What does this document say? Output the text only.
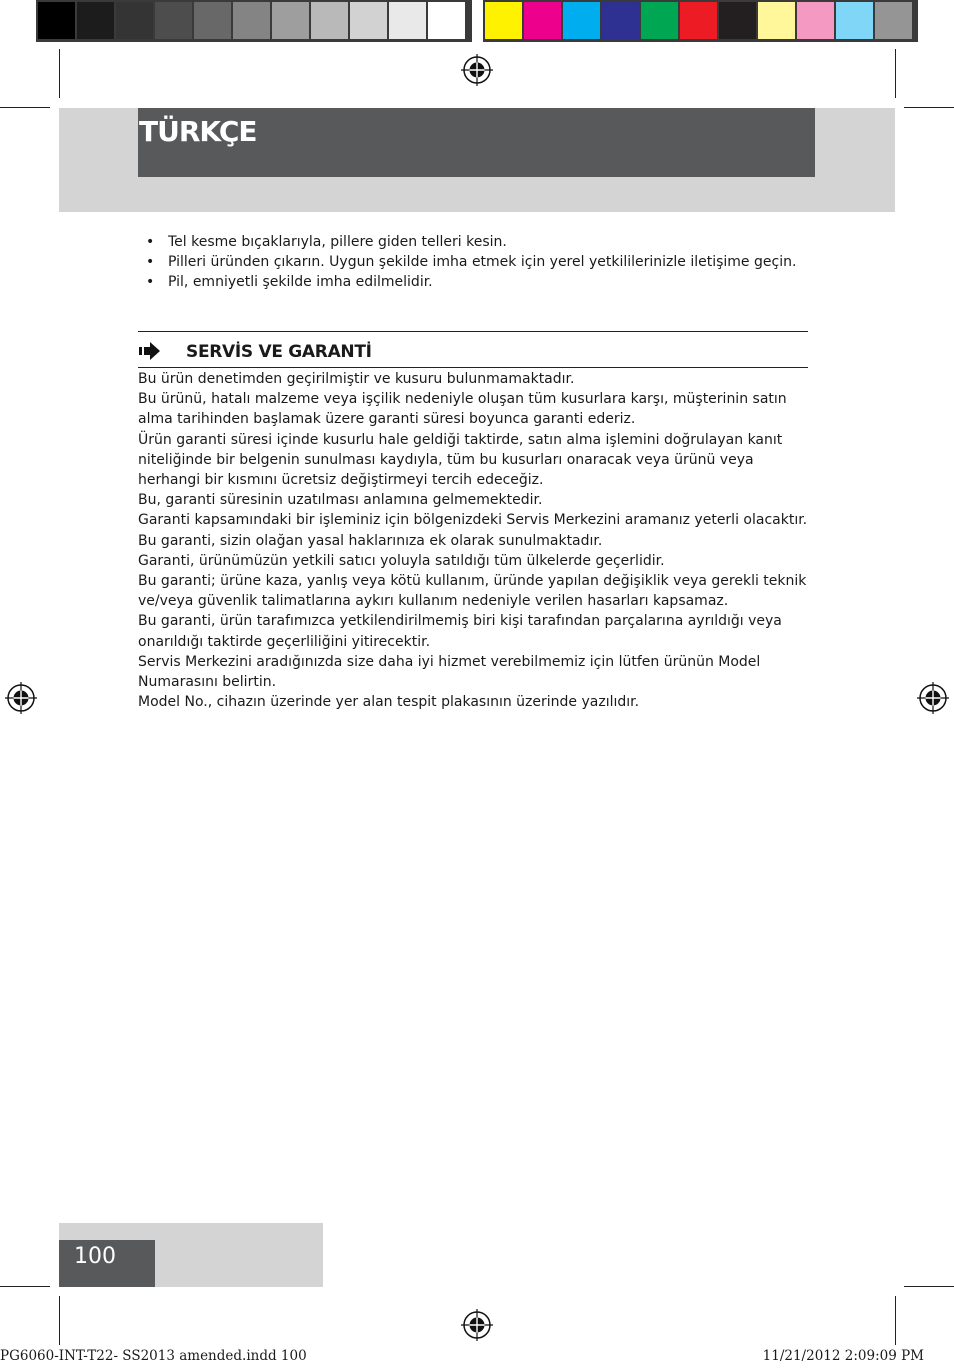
TÜRKÇE
• Tel kesme bıçaklarıyla, pillere giden telleri kesin.
• Pilleri üründen çıkarın. Uygun şekilde imha etmek için yerel yetkililerinizle iletişime geçin.
• Pil, emniyetli şekilde imha edilmelidir.
SERVİS VE GARANTİ

Bu ürün denetimden geçirilmiştir ve kusuru bulunmamaktadır.

Bu ürünü, hatalı malzeme veya işçilik nedeniyle oluşan tüm kusurlara karşı, müşterinin satın alma tarihinden başlamak üzere garanti süresi boyunca garanti ederiz.

Ürün garanti süresi içinde kusurlu hale geldiği taktirde, satın alma işlemini doğrulayan kanıt niteliğinde bir belgenin sunulması kaydıyla, tüm bu kusurları onaracak veya ürünü veya herhangi bir kısmını ücretsiz değiştirmeyi tercih edeceğiz.

Bu, garanti süresinin uzatılması anlamına gelmemektedir.

Garanti kapsamındaki bir işleminiz için bölgenizdeki Servis Merkezini aramanız yeterli olacaktır.

Bu garanti, sizin olağan yasal haklarınıza ek olarak sunulmaktadır.

Garanti, ürünümüzün yetkili satıcı yoluyla satıldığı tüm ülkelerde geçerlidir.

Bu garanti; ürüne kaza, yanlış veya kötü kullanım, üründe yapılan değişiklik veya gerekli teknik ve/veya güvenlik talimatlarına aykırı kullanım nedeniyle verilen hasarları kapsamaz.

Bu garanti, ürün tarafımızca yetkilendirilmemiş biri kişi tarafından parçalarına ayrıldığı veya onarıldığı taktirde geçerliliğini yitirecektir.

Servis Merkezini aradığınızda size daha iyi hizmet verebilmemiz için lütfen ürünün Model Numarasını belirtin.

Model No., cihazın üzerinde yer alan tespit plakasının üzerinde yazılıdır.

100
PG6060-INT-T22- SS2013 amended.indd 100	11/21/2012 2:09:09 PM
